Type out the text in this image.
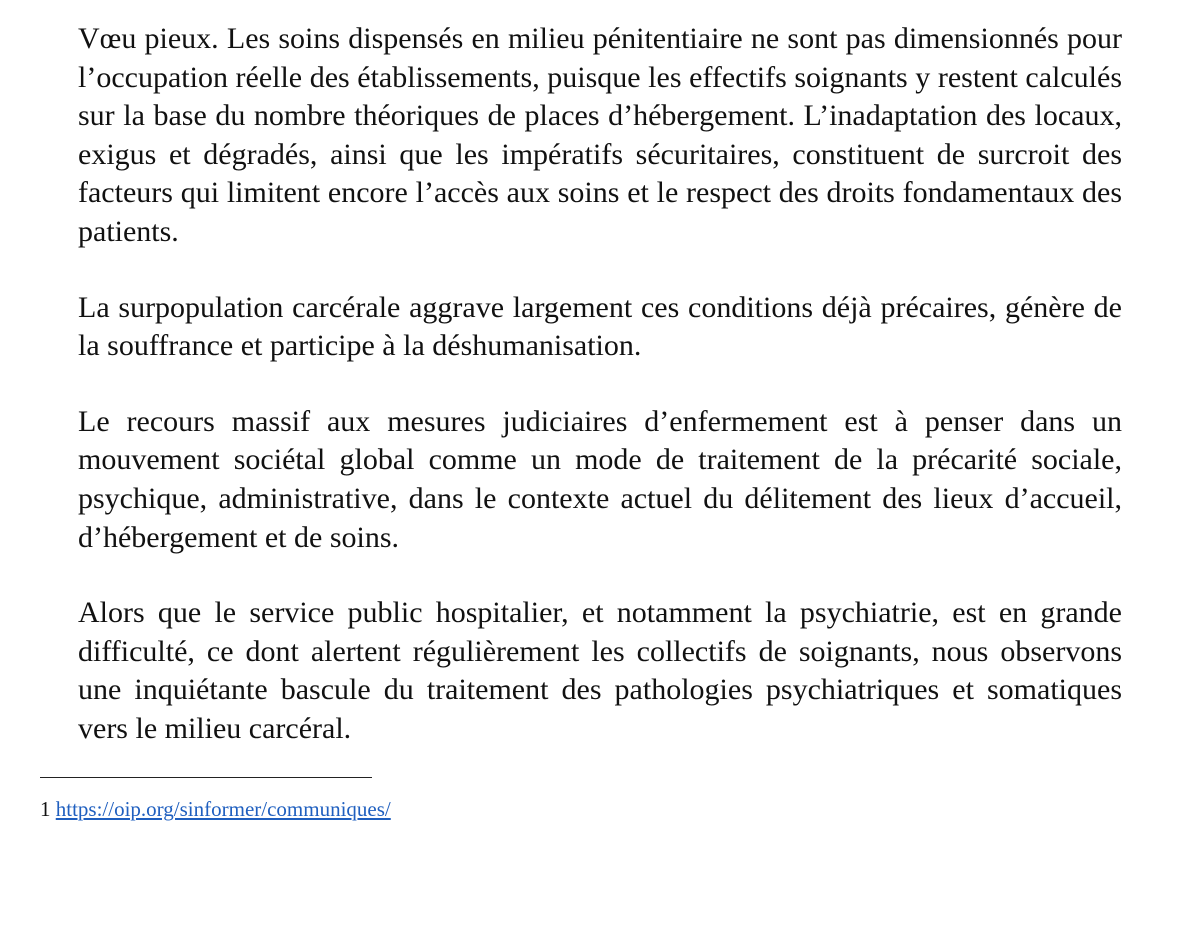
Vœu pieux. Les soins dispensés en milieu pénitentiaire ne sont pas dimensionnés pour l’occupation réelle des établissements, puisque les effectifs soignants y restent calculés sur la base du nombre théoriques de places d’hébergement. L’inadaptation des locaux, exigus et dégradés, ainsi que les impératifs sécuritaires, constituent de surcroit des facteurs qui limitent encore l’accès aux soins et le respect des droits fondamentaux des patients.

La surpopulation carcérale aggrave largement ces conditions déjà précaires, génère de la souffrance et participe à la déshumanisation.

Le recours massif aux mesures judiciaires d’enfermement est à penser dans un mouvement sociétal global comme un mode de traitement de la précarité sociale, psychique, administrative, dans le contexte actuel du délitement des lieux d’accueil, d’hébergement et de soins.

Alors que le service public hospitalier, et notamment la psychiatrie, est en grande difficulté, ce dont alertent régulièrement les collectifs de soignants, nous observons une inquiétante bascule du traitement des pathologies psychiatriques et somatiques vers le milieu carcéral.

1 https://oip.org/sinformer/communiques/
